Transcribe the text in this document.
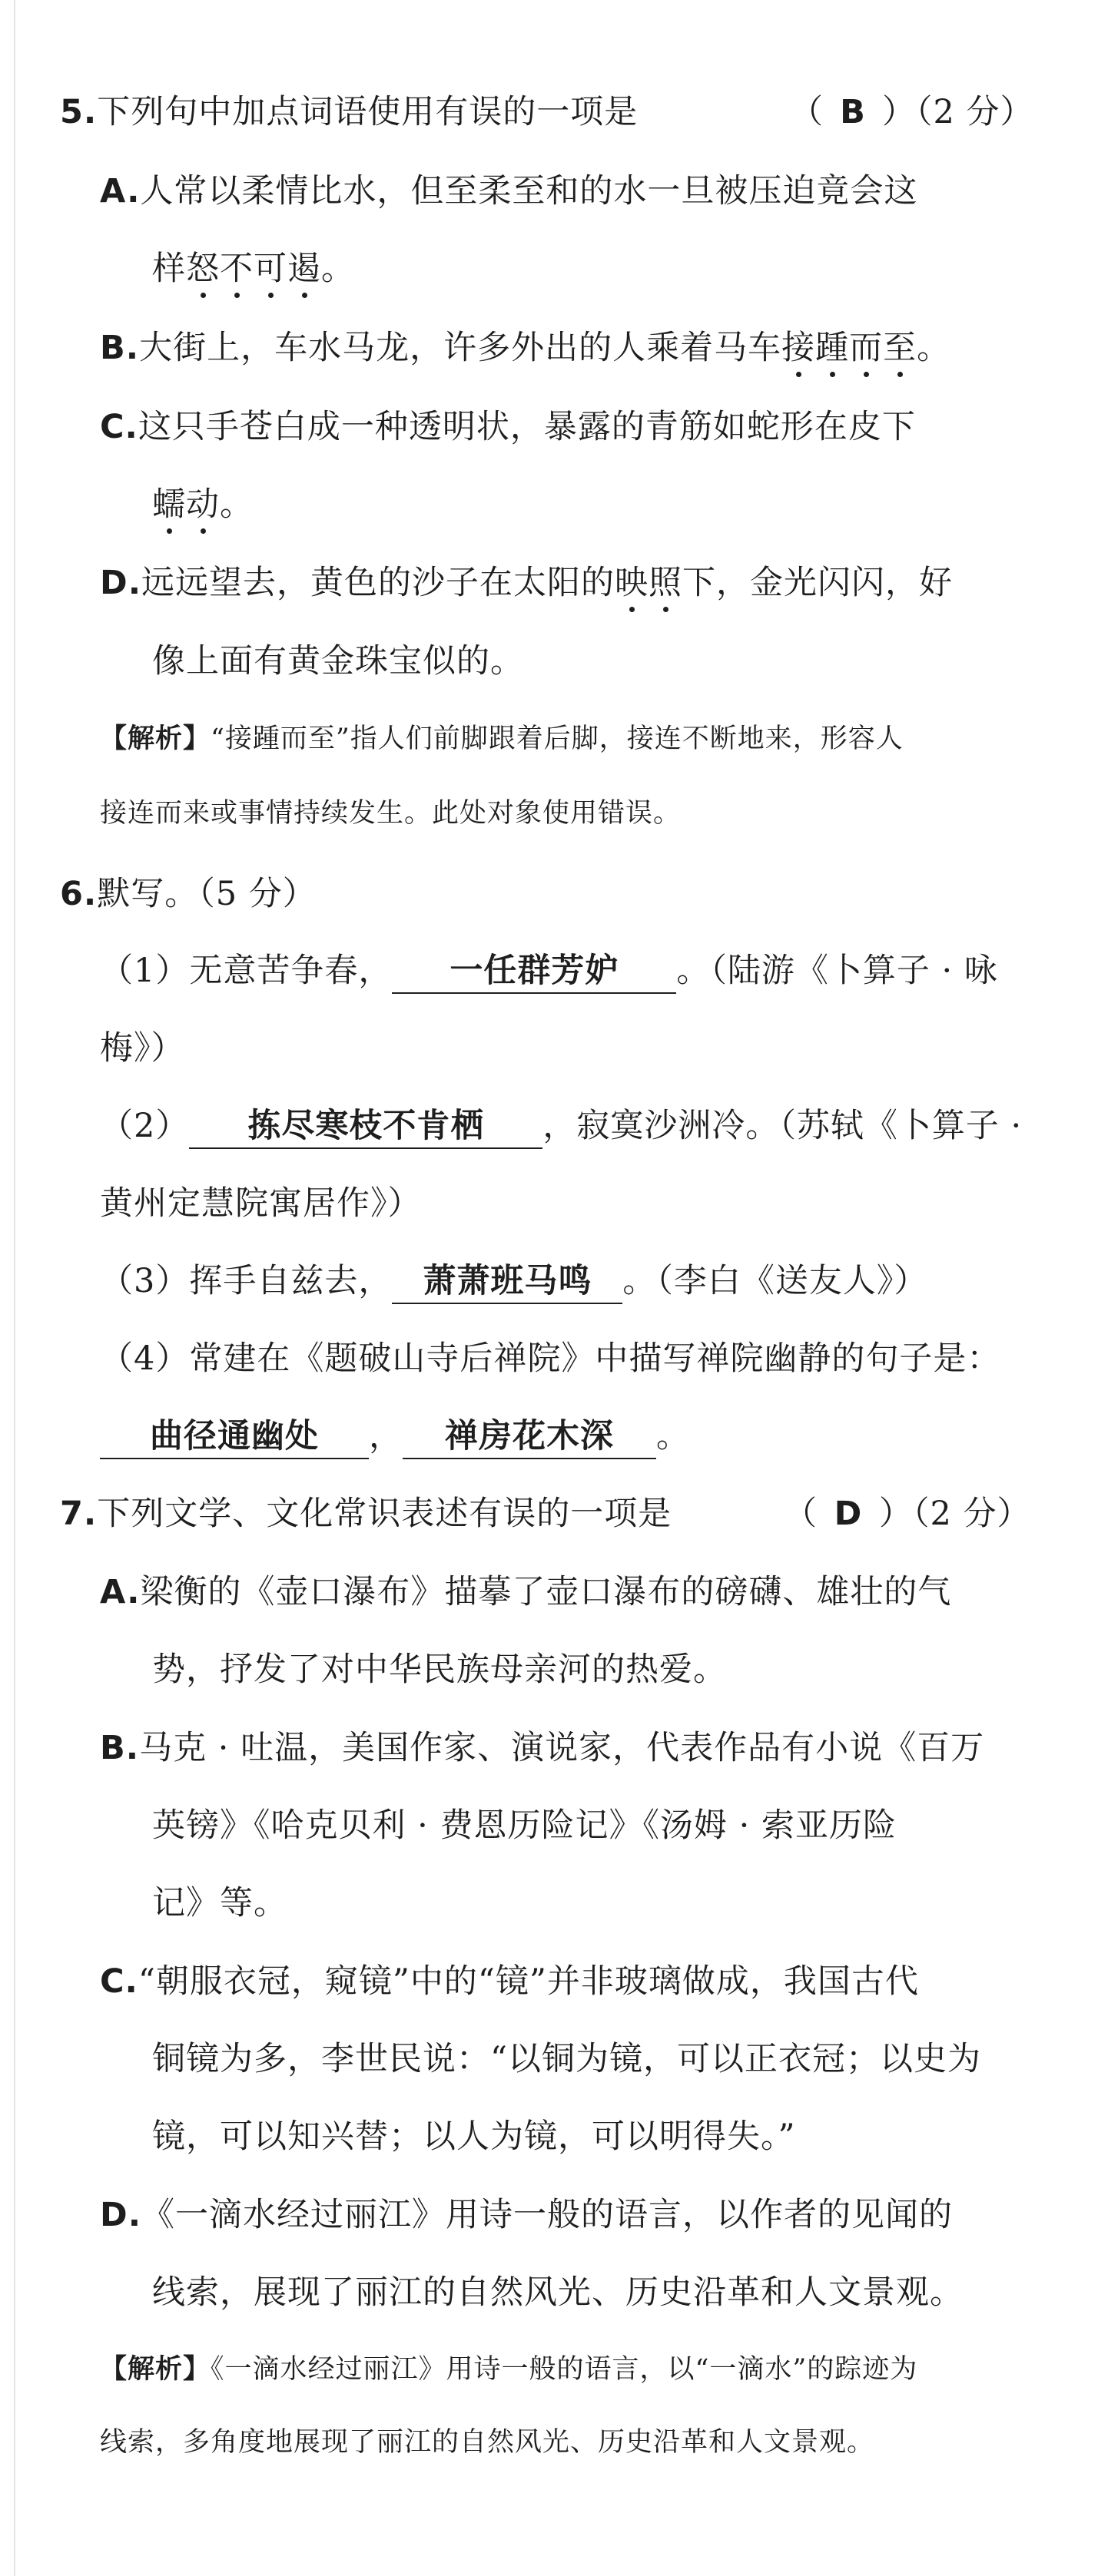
5.下列句中加点词语使用有误的一项是	（ B ）（2 分）
A.人常以柔情比水，但至柔至和的水一旦被压迫竟会这
样怒不可遏。
B.大街上，车水马龙，许多外出的人乘着马车接踵而至。
C.这只手苍白成一种透明状，暴露的青筋如蛇形在皮下
蠕动。
D.远远望去，黄色的沙子在太阳的映照下，金光闪闪，好
像上面有黄金珠宝似的。
【解析】“接踵而至”指人们前脚跟着后脚，接连不断地来，形容人
接连而来或事情持续发生。此处对象使用错误。
6.默写。（5 分）
（1）无意苦争春， 一任群芳妒 。（陆游《卜算子 · 咏
梅》）
（2） 拣尽寒枝不肯栖 ，寂寞沙洲冷。（苏轼《卜算子 ·
黄州定慧院寓居作》）
（3）挥手自兹去， 萧萧班马鸣 。（李白《送友人》）
（4）常建在《题破山寺后禅院》中描写禅院幽静的句子是：
曲径通幽处 ， 禅房花木深 。
7.下列文学、文化常识表述有误的一项是	（ D ）（2 分）
A.梁衡的《壶口瀑布》描摹了壶口瀑布的磅礴、雄壮的气
势，抒发了对中华民族母亲河的热爱。
B.马克 · 吐温，美国作家、演说家，代表作品有小说《百万
英镑》《哈克贝利 · 费恩历险记》《汤姆 · 索亚历险
记》等。
C.“朝服衣冠，窥镜”中的“镜”并非玻璃做成，我国古代
铜镜为多，李世民说：“以铜为镜，可以正衣冠；以史为
镜，可以知兴替；以人为镜，可以明得失。”
D.《一滴水经过丽江》用诗一般的语言，以作者的见闻的
线索，展现了丽江的自然风光、历史沿革和人文景观。
【解析】《一滴水经过丽江》用诗一般的语言，以“一滴水”的踪迹为
线索，多角度地展现了丽江的自然风光、历史沿革和人文景观。
